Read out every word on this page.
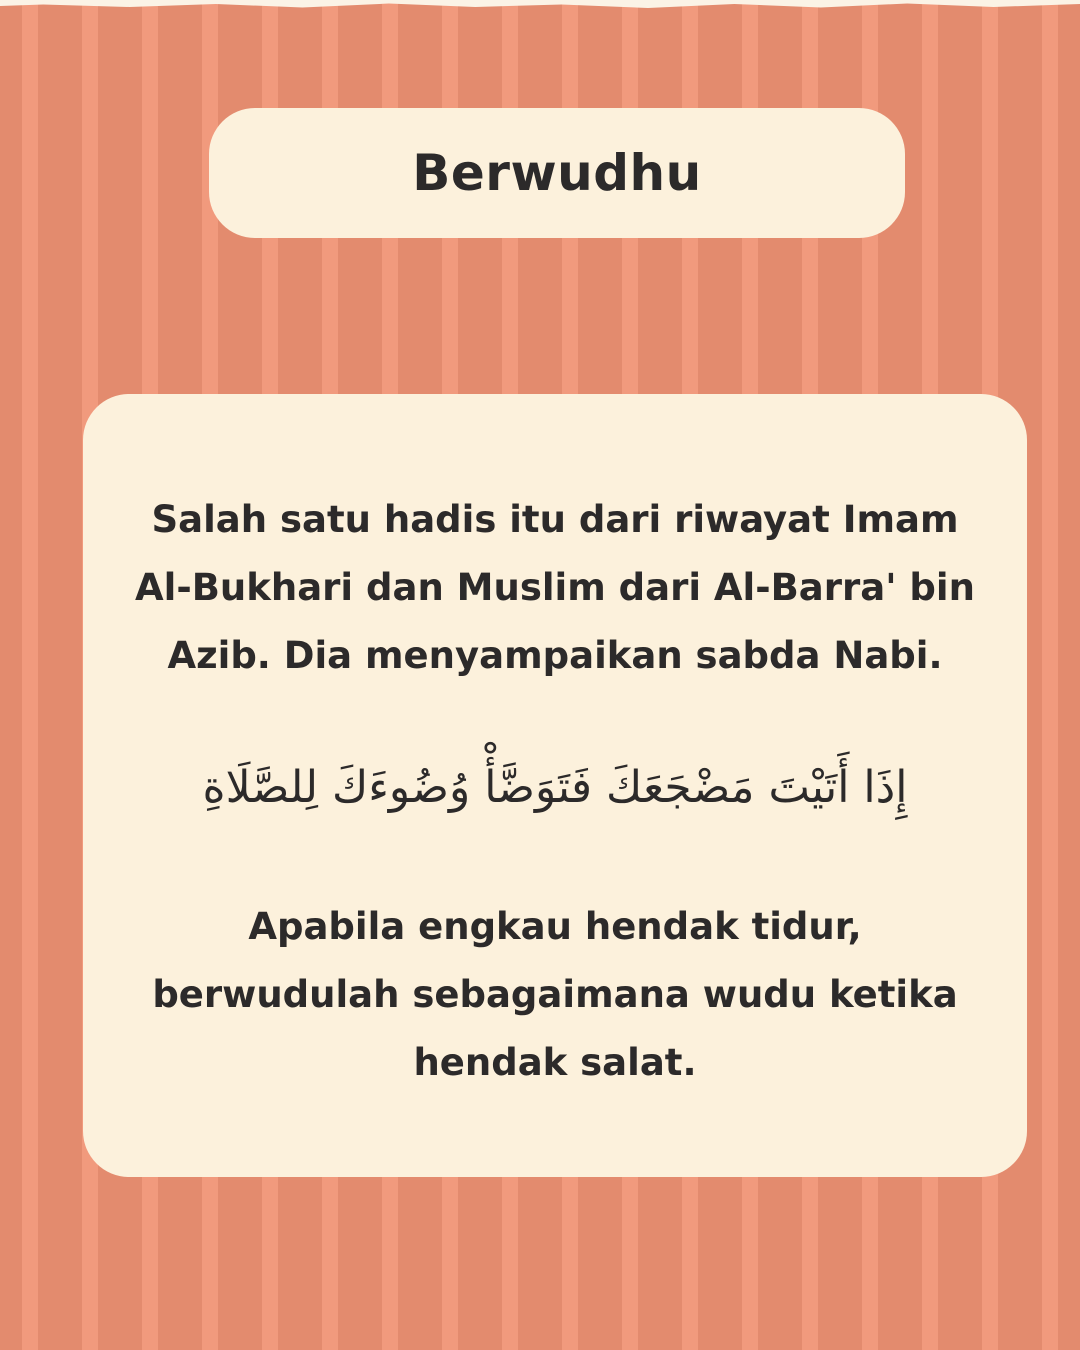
Berwudhu

Salah satu hadis itu dari riwayat Imam Al-Bukhari dan Muslim dari Al-Barra' bin Azib. Dia menyampaikan sabda Nabi.

إِذَا أَتَيْتَ مَضْجَعَكَ فَتَوَضَّأْ وُضُوءَكَ لِلصَّلَاةِ

Apabila engkau hendak tidur, berwudulah sebagaimana wudu ketika hendak salat.
